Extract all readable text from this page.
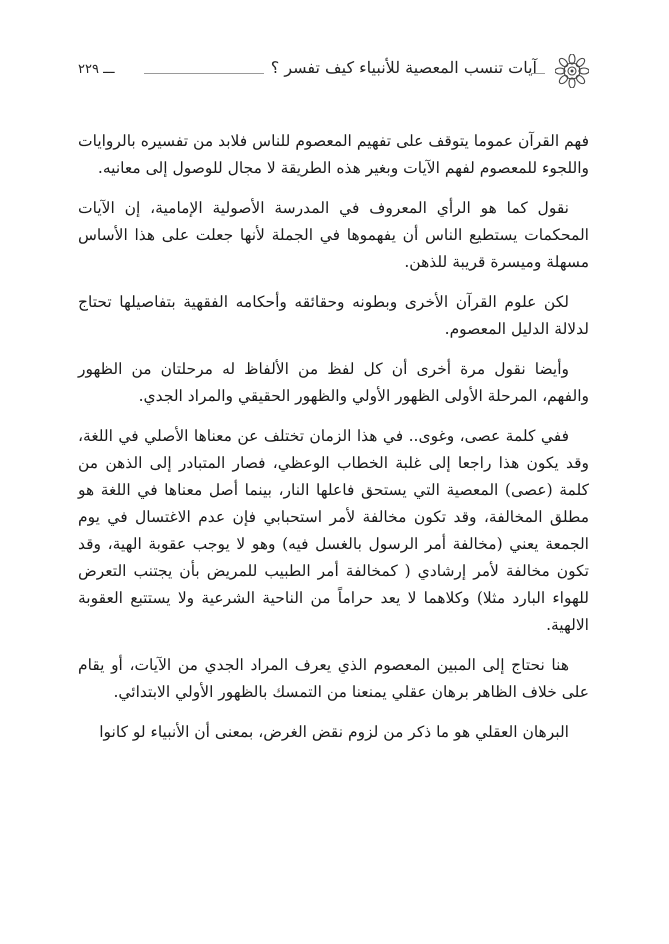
آيات تنسب المعصية للأنبياء كيف تفسر ؟
ـــ ٢٢٩

فهم القرآن عموما يتوقف على تفهيم المعصوم للناس فلابد من تفسيره بالروايات واللجوء للمعصوم لفهم الآيات وبغير هذه الطريقة لا مجال للوصول إلى معانيه.

نقول كما هو الرأي المعروف في المدرسة الأصولية الإمامية، إن الآيات المحكمات يستطيع الناس أن يفهموها في الجملة لأنها جعلت على هذا الأساس مسهلة وميسرة قريبة للذهن.

لكن علوم القرآن الأخرى وبطونه وحقائقه وأحكامه الفقهية بتفاصيلها تحتاج لدلالة الدليل المعصوم.

وأيضا نقول مرة أخرى أن كل لفظ من الألفاظ له مرحلتان من الظهور والفهم، المرحلة الأولى الظهور الأولي والظهور الحقيقي والمراد الجدي.

ففي كلمة عصى، وغوى.. في هذا الزمان تختلف عن معناها الأصلي في اللغة، وقد يكون هذا راجعا إلى غلبة الخطاب الوعظي، فصار المتبادر إلى الذهن من كلمة (عصى) المعصية التي يستحق فاعلها النار، بينما أصل معناها في اللغة هو مطلق المخالفة، وقد تكون مخالفة لأمر استحبابي فإن عدم الاغتسال في يوم الجمعة يعني (مخالفة أمر الرسول بالغسل فيه) وهو لا يوجب عقوبة الهية، وقد تكون مخالفة لأمر إرشادي ( كمخالفة أمر الطبيب للمريض بأن يجتنب التعرض للهواء البارد مثلا) وكلاهما لا يعد حراماً من الناحية الشرعية ولا يستتبع العقوبة الالهية.

هنا نحتاج إلى المبين المعصوم الذي يعرف المراد الجدي من الآيات، أو يقام على خلاف الظاهر برهان عقلي يمنعنا من التمسك بالظهور الأولي الابتدائي.

البرهان العقلي هو ما ذكر من لزوم نقض الغرض، بمعنى أن الأنبياء لو كانوا
